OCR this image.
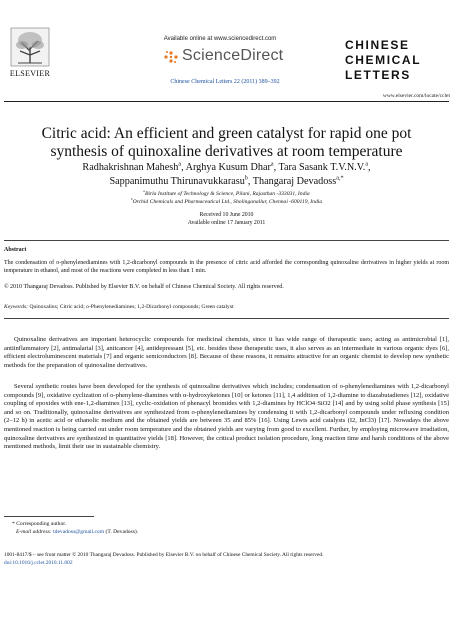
ELSEVIER
Available online at www.sciencedirect.com
ScienceDirect
Chinese Chemical Letters 22 (2011) 389–392
CHINESE
CHEMICAL
LETTERS
www.elsevier.com/locate/cclet
Citric acid: An efficient and green catalyst for rapid one pot
synthesis of quinoxaline derivatives at room temperature
Radhakrishnan Mahesh$^a$, Arghya Kusum Dhar$^a$, Tara Sasank T.V.N.V.$^a$,
Sappanimuthu Thirunavukkarasu$^b$, Thangaraj Devadoss$^{a,*}$
$^a$Birla Institute of Technology & Science, Pilani, Rajasthan -333031, India
$^b$Orchid Chemicals and Pharmaceutical Ltd., Sholinganallur, Chennai -600119, India
Received 10 June 2010
Available online 17 January 2011
Abstract
The condensation of o-phenylenediamines with 1,2-dicarbonyl compounds in the presence of citric acid afforded the corresponding quinoxaline derivatives in higher yields at room temperature in ethanol, and most of the reactions were completed in less than 1 min.
© 2010 Thangaraj Devadoss. Published by Elsevier B.V. on behalf of Chinese Chemical Society. All rights reserved.
Keywords: Quinoxalins; Citric acid; o-Phenylenediamines; 1,2-Dicarbonyl compounds; Green catalyst
Quinoxaline derivatives are important heterocyclic compounds for medicinal chemists, since it has wide range of therapeutic uses; acting as antimicrobial [1], antiinflammatory [2], antimalarial [3], anticancer [4], antidepressant [5], etc. besides these therapeutic uses, it also serves as an intermediate in various organic dyes [6], efficient electroluminescent materials [7] and organic semiconductors [8]. Because of these reasons, it remains attractive for an organic chemist to develop new synthetic methods for the preparation of quinoxaline derivatives.
Several synthetic routes have been developed for the synthesis of quinoxaline derivatives which includes; condensation of o-phenylenediamines with 1,2-dicarbonyl compounds [9], oxidative cyclization of o-phenylene-diamines with α-hydroxyketones [10] or ketones [11], 1,4 addition of 1,2-diamine to diazabutadienes [12], oxidative coupling of epoxides with ene-1,2-diamines [13], cyclic-oxidation of phenacyl bromides with 1,2-diamines by HClO4·SiO2 [14] and by using solid phase synthesis [15] and so on. Traditionally, quinoxaline derivatives are synthesized from o-phenylenediamines by condensing it with 1,2-dicarbonyl compounds under refluxing condition (2–12 h) in acetic acid or ethanolic medium and the obtained yields are between 35 and 85% [16]. Using Lewis acid catalysts (I2, InCl3) [17]. Nowadays the above mentioned reaction is being carried out under room temperature and the obtained yields are varying from good to excellent. Further, by employing microwave irradiation, quinoxaline derivatives are synthesized in quantitative yields [18]. However, the critical product isolation procedure, long reaction time and harsh conditions of the above mentioned methods, limit their use in sustainable chemistry.
* Corresponding author.
E-mail address: tdevadoss@gmail.com (T. Devadoss).
1001-8417/$ – see front matter © 2010 Thangaraj Devadoss. Published by Elsevier B.V. on behalf of Chinese Chemical Society. All rights reserved.
doi:10.1016/j.cclet.2010.11.002
